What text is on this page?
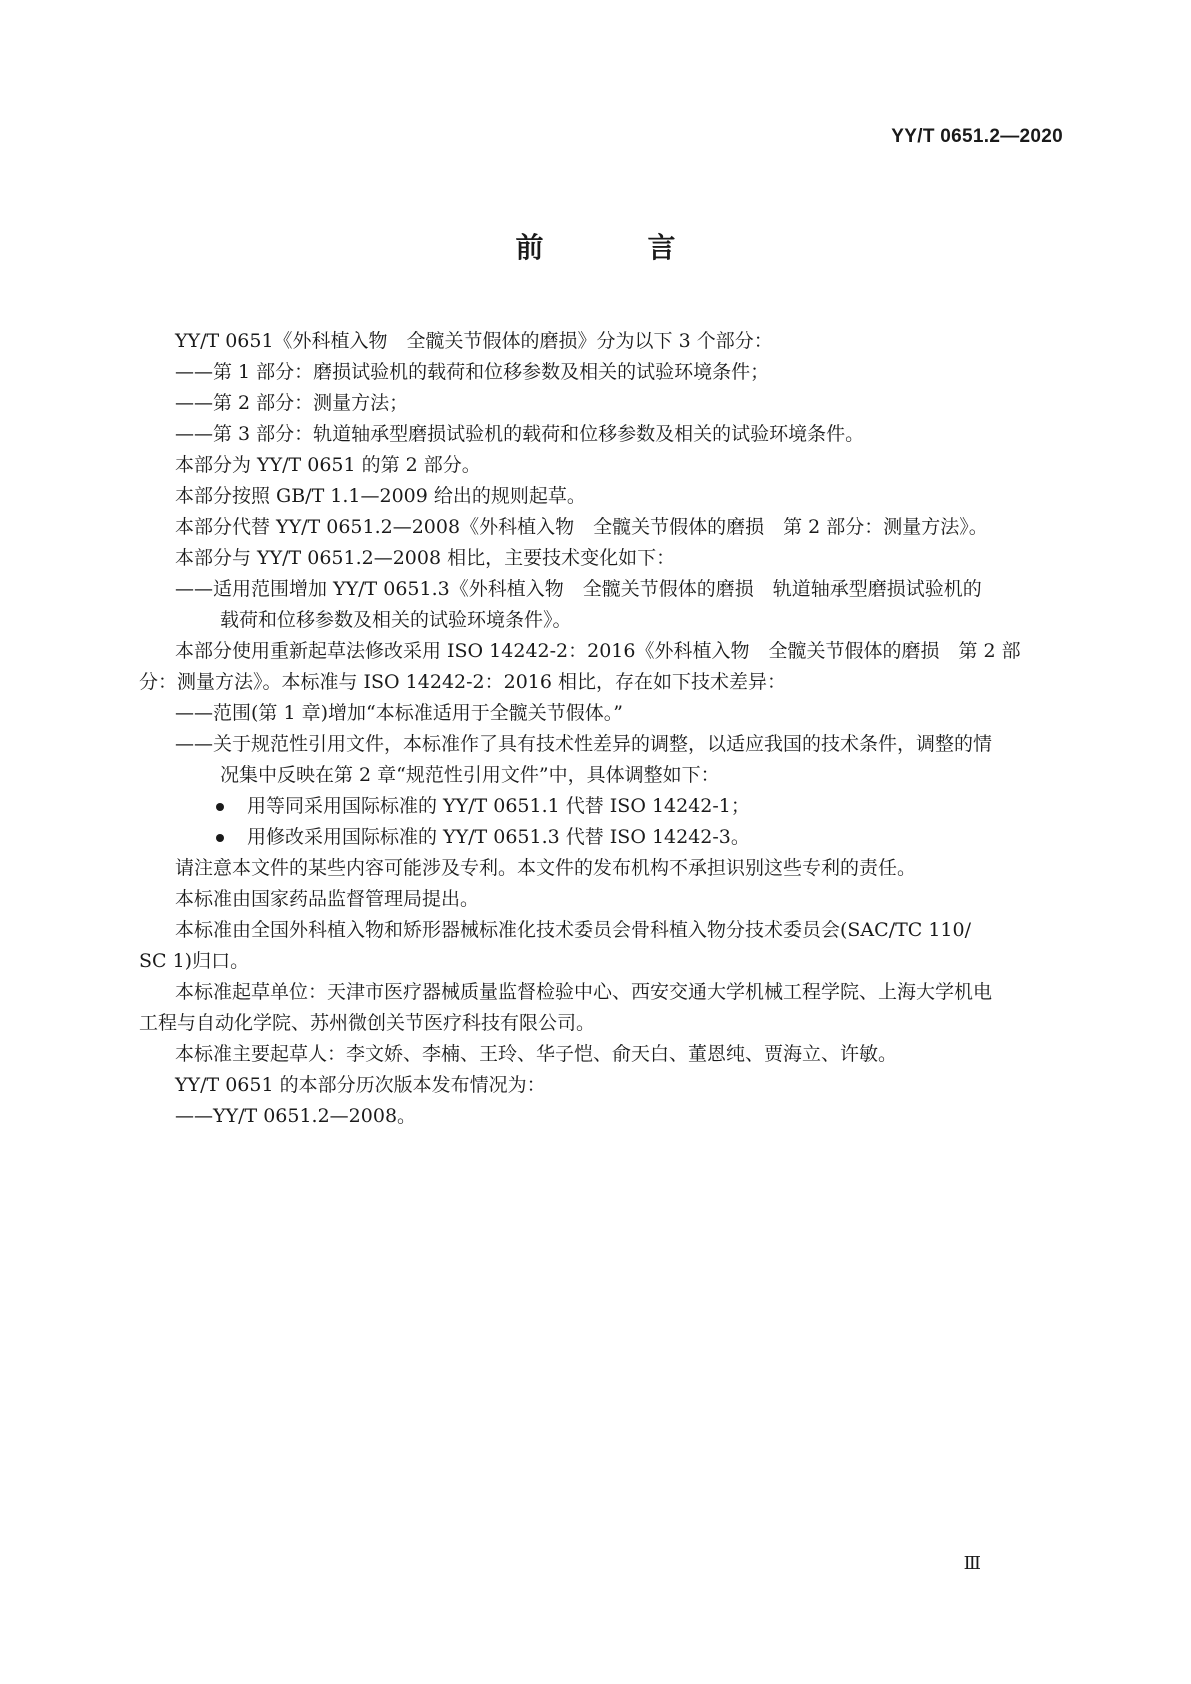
YY/T 0651.2—2020
前　言

YY/T 0651《外科植入物　全髋关节假体的磨损》分为以下 3 个部分：

——第 1 部分：磨损试验机的载荷和位移参数及相关的试验环境条件；

——第 2 部分：测量方法；

——第 3 部分：轨道轴承型磨损试验机的载荷和位移参数及相关的试验环境条件。

本部分为 YY/T 0651 的第 2 部分。

本部分按照 GB/T 1.1—2009 给出的规则起草。

本部分代替 YY/T 0651.2—2008《外科植入物　全髋关节假体的磨损　第 2 部分：测量方法》。

本部分与 YY/T 0651.2—2008 相比，主要技术变化如下：

——适用范围增加 YY/T 0651.3《外科植入物　全髋关节假体的磨损　轨道轴承型磨损试验机的

载荷和位移参数及相关的试验环境条件》。

本部分使用重新起草法修改采用 ISO 14242-2：2016《外科植入物　全髋关节假体的磨损　第 2 部

分：测量方法》。本标准与 ISO 14242-2：2016 相比，存在如下技术差异：

——范围(第 1 章)增加“本标准适用于全髋关节假体。”

——关于规范性引用文件，本标准作了具有技术性差异的调整，以适应我国的技术条件，调整的情

况集中反映在第 2 章“规范性引用文件”中，具体调整如下：

用等同采用国际标准的 YY/T 0651.1 代替 ISO 14242-1；

用修改采用国际标准的 YY/T 0651.3 代替 ISO 14242-3。

请注意本文件的某些内容可能涉及专利。本文件的发布机构不承担识别这些专利的责任。

本标准由国家药品监督管理局提出。

本标准由全国外科植入物和矫形器械标准化技术委员会骨科植入物分技术委员会(SAC/TC 110/

SC 1)归口。

本标准起草单位：天津市医疗器械质量监督检验中心、西安交通大学机械工程学院、上海大学机电

工程与自动化学院、苏州微创关节医疗科技有限公司。

本标准主要起草人：李文娇、李楠、王玲、华子恺、俞天白、董恩纯、贾海立、许敏。

YY/T 0651 的本部分历次版本发布情况为：

——YY/T 0651.2—2008。

Ⅲ
